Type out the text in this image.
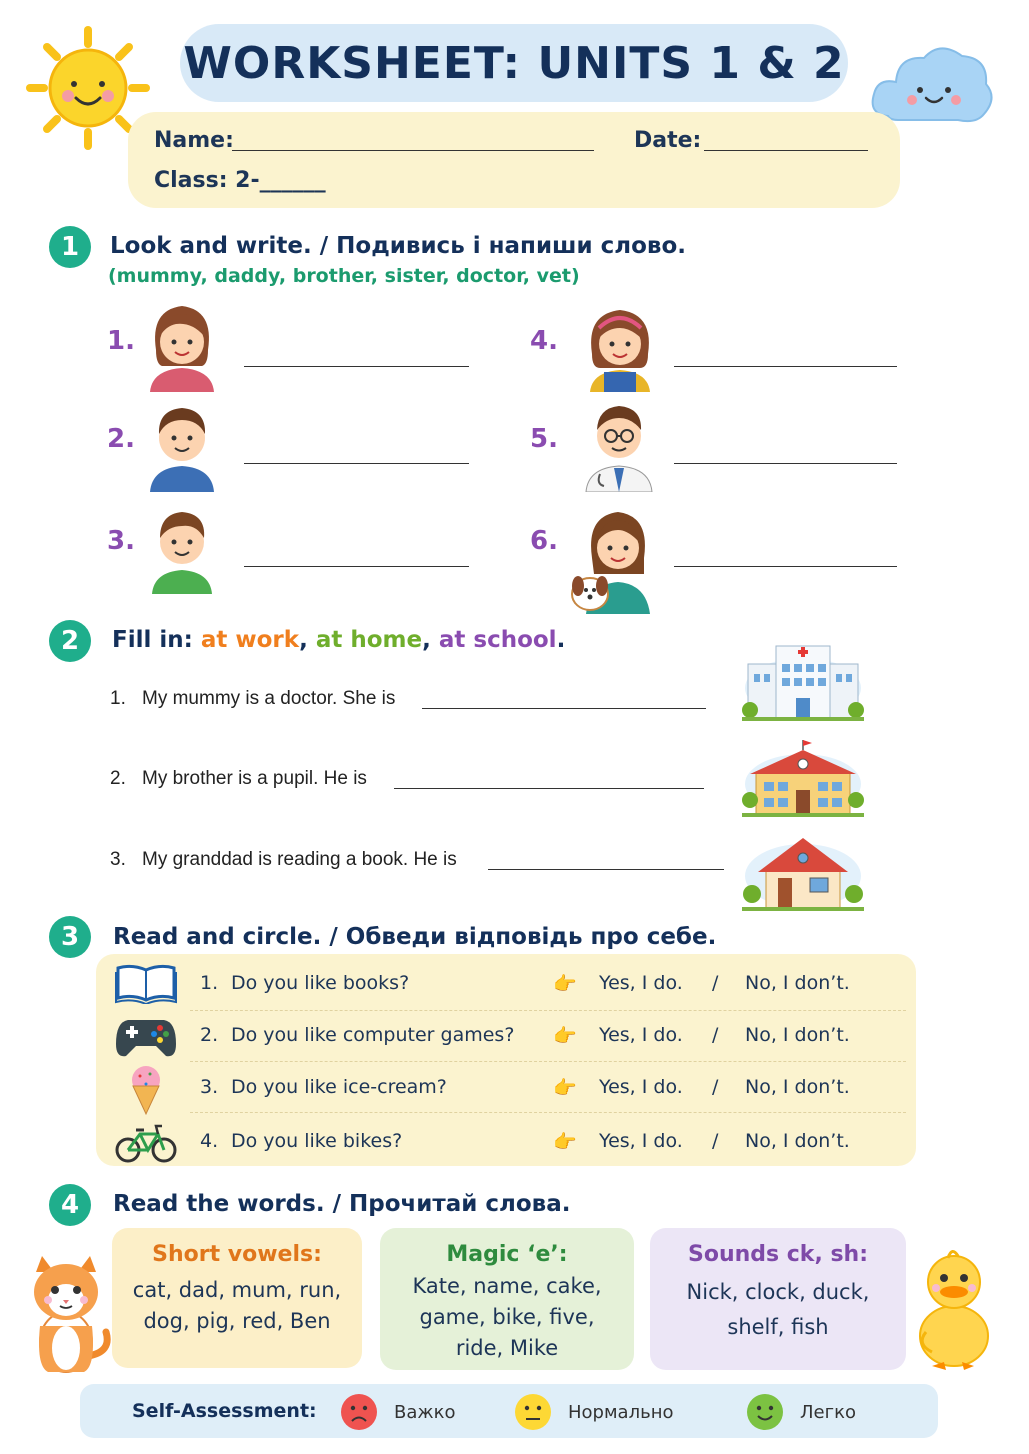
WORKSHEET: UNITS 1 & 2
Name:	Date:
Class: 2-______
1	Look and write. / Подивись і напиши слово.
(mummy, daddy, brother, sister, doctor, vet)
1.
2.
3.
4.
5.
6.
2	Fill in: at work, at home, at school.
1. My mummy is a doctor. She is
2. My brother is a pupil. He is
3. My granddad is reading a book. He is
3	Read and circle. / Обведи відповідь про себе.
1. Do you like books?	👉 Yes, I do. / No, I don’t.
2. Do you like computer games? 👉 Yes, I do. / No, I don’t.
3. Do you like ice-cream?	👉 Yes, I do. / No, I don’t.
4. Do you like bikes?	👉 Yes, I do. / No, I don’t.
4	Read the words. / Прочитай слова.
Short vowels:
cat, dad, mum, run,
dog, pig, red, Ben
Magic ‘e’:
Kate, name, cake,
game, bike, five,
ride, Mike
Sounds ck, sh:
Nick, clock, duck,
shelf, fish
Self-Assessment:	Важко	Нормально	Легко
